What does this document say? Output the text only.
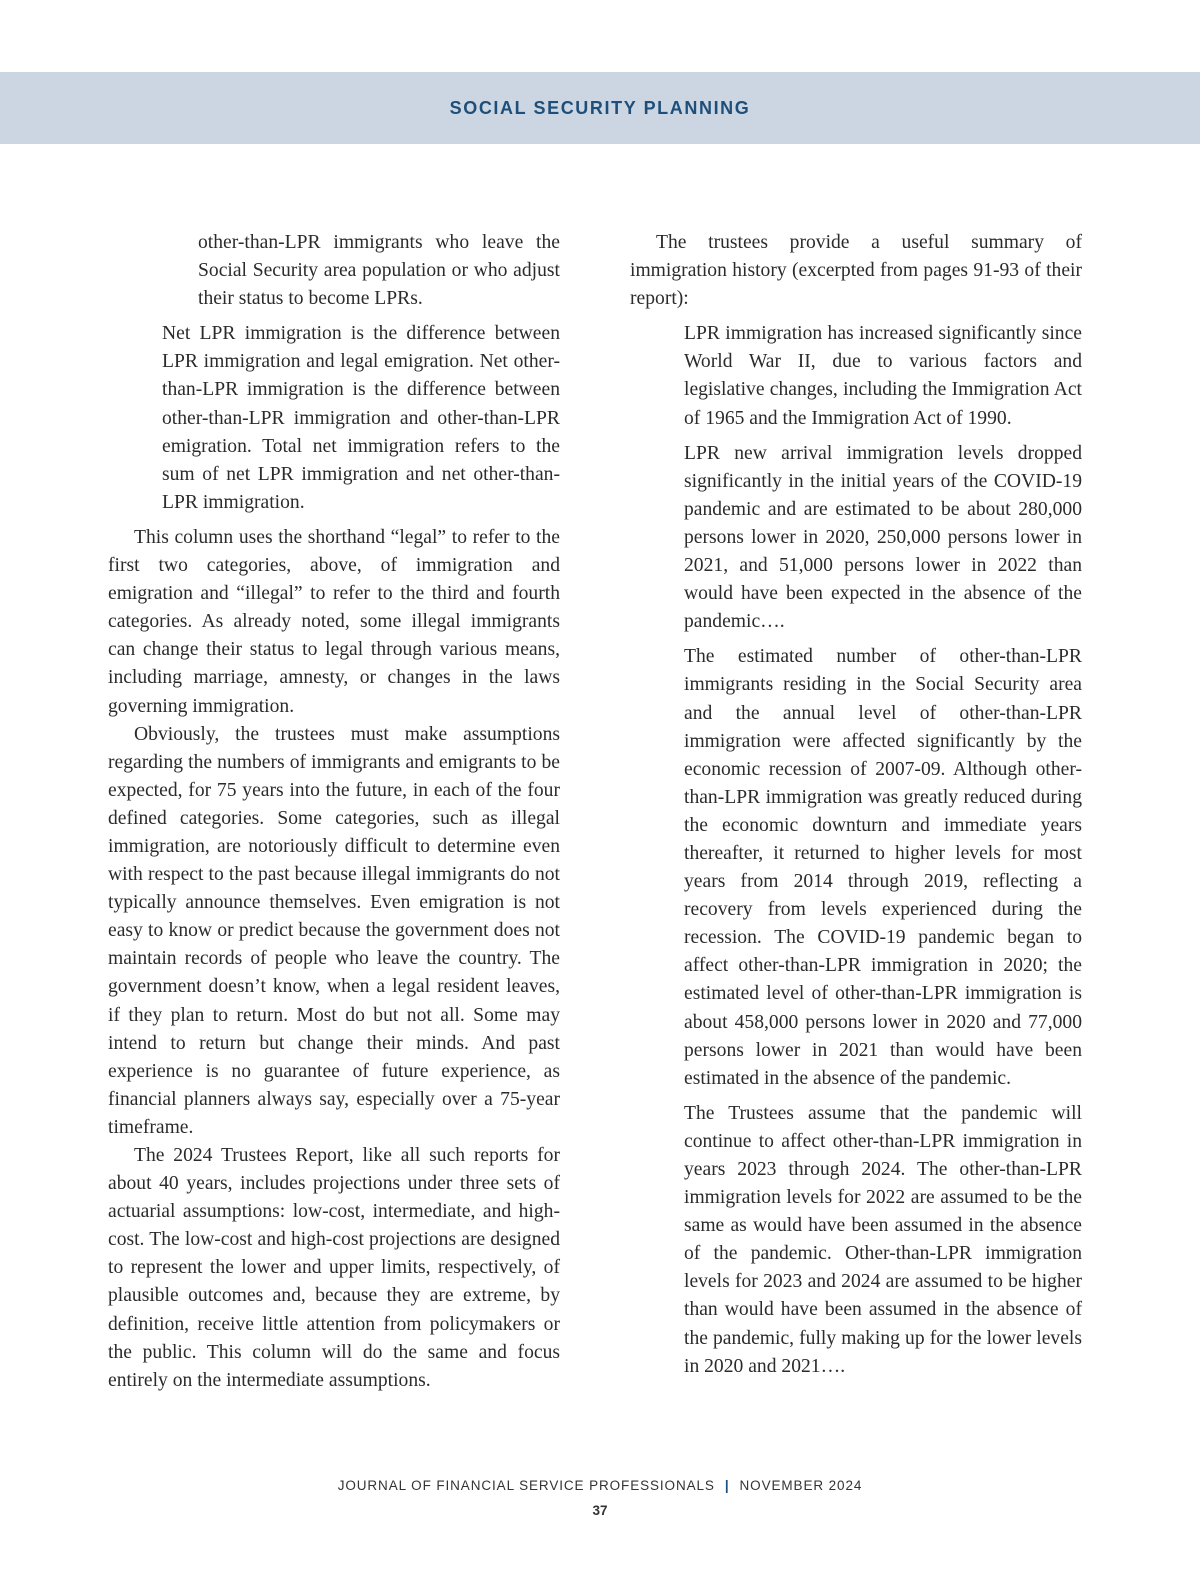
SOCIAL SECURITY PLANNING

other-than-LPR immigrants who leave the Social Security area population or who adjust their status to become LPRs.

Net LPR immigration is the difference between LPR immigration and legal emigration. Net other-than-LPR immigration is the difference between other-than-LPR immigration and other-than-LPR emigration. Total net immigration refers to the sum of net LPR immigration and net other-than-LPR immigration.

This column uses the shorthand “legal” to refer to the first two categories, above, of immigration and emigration and “illegal” to refer to the third and fourth categories. As already noted, some illegal immigrants can change their status to legal through various means, including marriage, amnesty, or changes in the laws governing immigration.

Obviously, the trustees must make assumptions regarding the numbers of immigrants and emigrants to be expected, for 75 years into the future, in each of the four defined categories. Some categories, such as illegal immigration, are notoriously difficult to determine even with respect to the past because illegal immigrants do not typically announce themselves. Even emigration is not easy to know or predict because the government does not maintain records of people who leave the country. The government doesn’t know, when a legal resident leaves, if they plan to return. Most do but not all. Some may intend to return but change their minds. And past experience is no guarantee of future experience, as financial planners always say, especially over a 75-year timeframe.

The 2024 Trustees Report, like all such reports for about 40 years, includes projections under three sets of actuarial assumptions: low-cost, intermediate, and high-cost. The low-cost and high-cost projections are designed to represent the lower and upper limits, respectively, of plausible outcomes and, because they are extreme, by definition, receive little attention from policymakers or the public. This column will do the same and focus entirely on the intermediate assumptions.

The trustees provide a useful summary of immigration history (excerpted from pages 91-93 of their report):

LPR immigration has increased significantly since World War II, due to various factors and legislative changes, including the Immigration Act of 1965 and the Immigration Act of 1990.

LPR new arrival immigration levels dropped significantly in the initial years of the COVID-19 pandemic and are estimated to be about 280,000 persons lower in 2020, 250,000 persons lower in 2021, and 51,000 persons lower in 2022 than would have been expected in the absence of the pandemic….

The estimated number of other-than-LPR immigrants residing in the Social Security area and the annual level of other-than-LPR immigration were affected significantly by the economic recession of 2007-09. Although other-than-LPR immigration was greatly reduced during the economic downturn and immediate years thereafter, it returned to higher levels for most years from 2014 through 2019, reflecting a recovery from levels experienced during the recession. The COVID-19 pandemic began to affect other-than-LPR immigration in 2020; the estimated level of other-than-LPR immigration is about 458,000 persons lower in 2020 and 77,000 persons lower in 2021 than would have been estimated in the absence of the pandemic.

The Trustees assume that the pandemic will continue to affect other-than-LPR immigration in years 2023 through 2024. The other-than-LPR immigration levels for 2022 are assumed to be the same as would have been assumed in the absence of the pandemic. Other-than-LPR immigration levels for 2023 and 2024 are assumed to be higher than would have been assumed in the absence of the pandemic, fully making up for the lower levels in 2020 and 2021….

JOURNAL OF FINANCIAL SERVICE PROFESSIONALS | NOVEMBER 2024
37
